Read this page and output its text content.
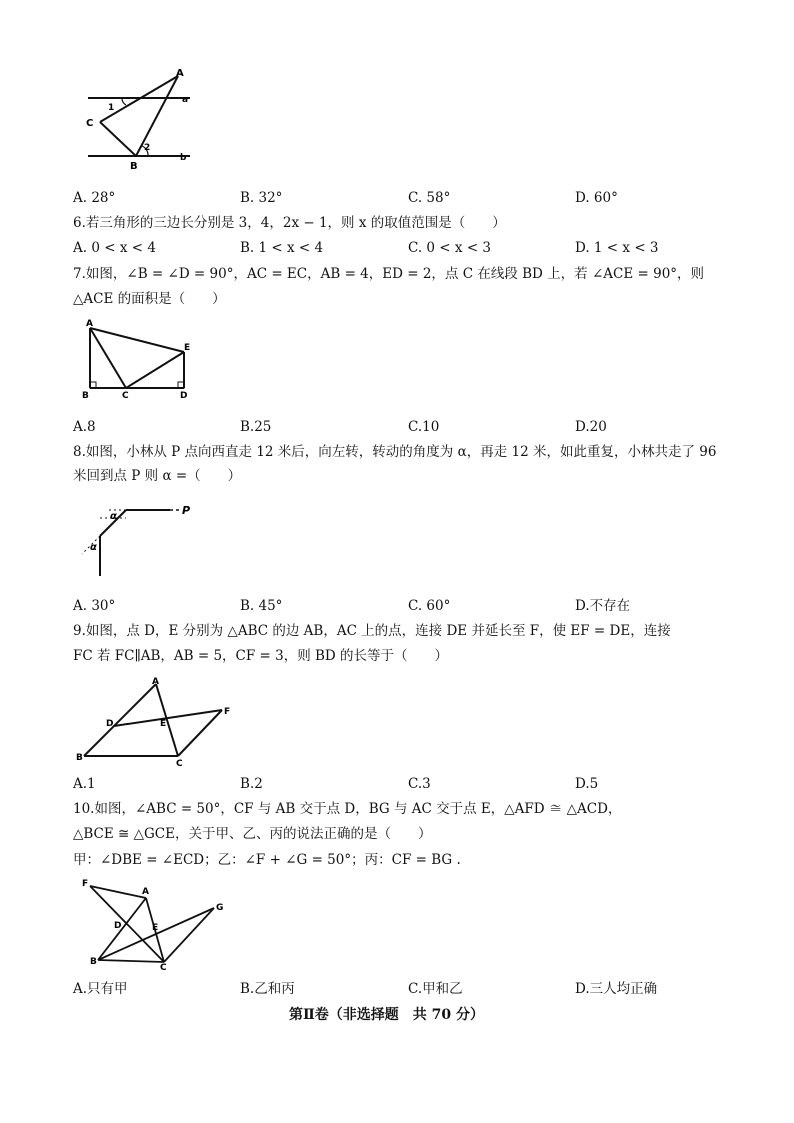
A
a
1
C
2
b
B
A. 28°	B. 32°	C. 58°	D. 60°
6.若三角形的三边长分别是 3，4，2x − 1，则 x 的取值范围是（　　）
A. 0 < x < 4	B. 1 < x < 4	C. 0 < x < 3	D. 1 < x < 3
7.如图，∠B = ∠D = 90°，AC = EC，AB = 4，ED = 2，点 C 在线段 BD 上，若 ∠ACE = 90°，则
△ACE 的面积是（　　）
A
E
B	C	D
A.8	B.25	C.10	D.20
8.如图，小林从 P 点向西直走 12 米后，向左转，转动的角度为 α，再走 12 米，如此重复，小林共走了 96
米回到点 P 则 α =（　　）
P
α
α
A. 30°	B. 45°	C. 60°	D.不存在
9.如图，点 D，E 分别为 △ABC 的边 AB，AC 上的点，连接 DE 并延长至 F，使 EF = DE，连接
FC 若 FC∥AB，AB = 5，CF = 3，则 BD 的长等于（　　）
A
D	E
F
B
C
A.1	B.2	C.3	D.5
10.如图，∠ABC = 50°，CF 与 AB 交于点 D，BG 与 AC 交于点 E，△AFD ≅ △ACD，
△BCE ≅ △GCE，关于甲、乙、丙的说法正确的是（　　）
甲：∠DBE = ∠ECD；乙：∠F + ∠G = 50°；丙：CF = BG .
F
A
D	E
G
B
C
A.只有甲	B.乙和丙	C.甲和乙	D.三人均正确
第Ⅱ卷（非选择题　共 70 分）
